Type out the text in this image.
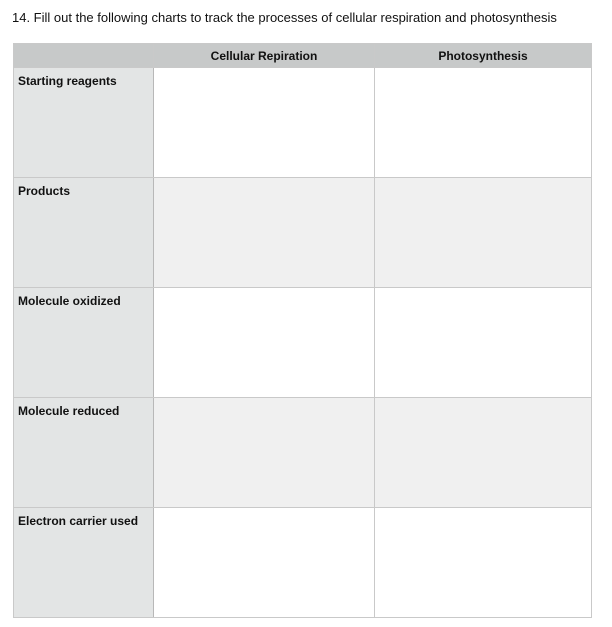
14. Fill out the following charts to track the processes of cellular respiration and photosynthesis
	Cellular Repiration	Photosynthesis
Starting reagents		
Products		
Molecule oxidized		
Molecule reduced		
Electron carrier used		
